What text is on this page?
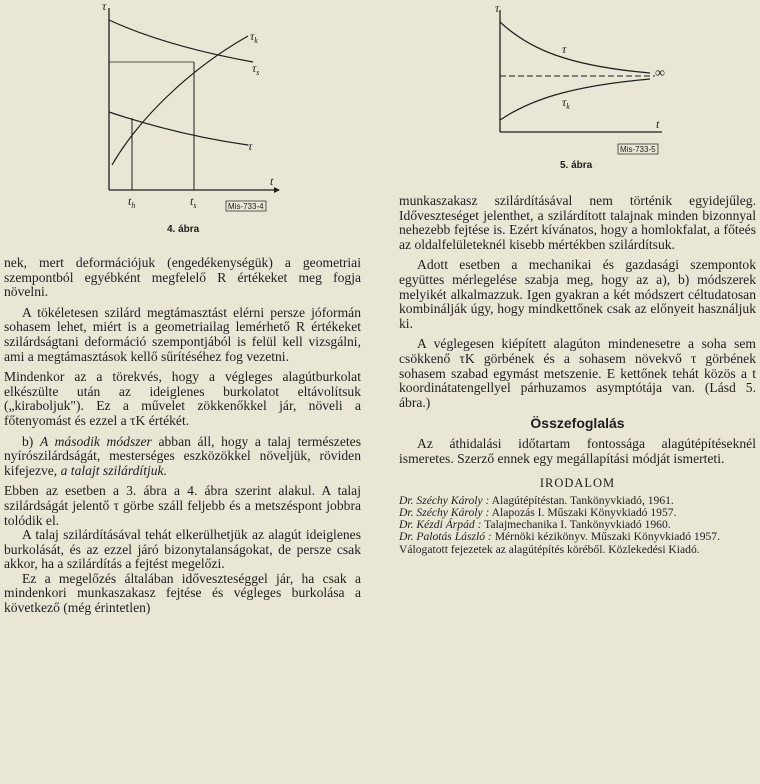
τ
t
$\tau_k$
$\tau_s$
τ
$t_h$	$t_s$	Mis-733-4
4. ábra
τ
t
τ
$\tau_k$
∞
Mis-733-5
5. ábra

nek, mert deformációjuk (engedékenységük) a geometriai szempontból egyébként megfelelő R értékeket meg fogja növelni.

A tökéletesen szilárd megtámasztást elérni persze jóformán sohasem lehet, miért is a geometriailag lemérhető R értékeket szilárdságtani deformáció szempontjából is felül kell vizsgálni, ami a megtámasztások kellő sűrítéséhez fog vezetni.

Mindenkor az a törekvés, hogy a végleges alagútburkolat elkészülte után az ideiglenes burkolatot eltávolítsuk („kiraboljuk"). Ez a művelet zökkenőkkel jár, növeli a főtenyomást és ezzel a τK értékét.

b) A második módszer abban áll, hogy a talaj természetes nyírószilárdságát, mesterséges eszközökkel növeljük, röviden kifejezve, a talajt szilárdítjuk.

Ebben az esetben a 3. ábra a 4. ábra szerint alakul. A talaj szilárdságát jelentő τ görbe száll feljebb és a metszéspont jobbra tolódik el.

A talaj szilárdításával tehát elkerülhetjük az alagút ideiglenes burkolását, és az ezzel járó bizonytalanságokat, de persze csak akkor, ha a szilárdítás a fejtést megelőzi.

Ez a megelőzés általában időveszteséggel jár, ha csak a mindenkori munkaszakasz fejtése és végleges burkolása a következő (még érintetlen)

munkaszakasz szilárdításával nem történik egyidejűleg. Időveszteséget jelenthet, a szilárdított talajnak minden bizonnyal nehezebb fejtése is. Ezért kívánatos, hogy a homlokfalat, a főteés az oldalfelületeknél kisebb mértékben szilárdítsuk.

Adott esetben a mechanikai és gazdasági szempontok együttes mérlegelése szabja meg, hogy az a), b) módszerek melyikét alkalmazzuk. Igen gyakran a két módszert céltudatosan kombinálják úgy, hogy mindkettőnek csak az előnyeit használjuk ki.

A véglegesen kiépített alagúton mindenesetre a soha sem csökkenő τK görbének és a sohasem növekvő τ görbének sohasem szabad egymást metszenie. E kettőnek tehát közös a t koordinátatengellyel párhuzamos asymptótája van. (Lásd 5. ábra.)

Összefoglalás

Az áthidalási időtartam fontossága alagútépítéseknél ismeretes. Szerző ennek egy megállapítási módját ismerteti.

IRODALOM

Dr. Széchy Károly : Alagútépítéstan. Tankönyvkiadó, 1961.

Dr. Széchy Károly : Alapozás I. Műszaki Könyvkiadó 1957.

Dr. Kézdi Árpád : Talajmechanika I. Tankönyvkiadó 1960.

Dr. Palotás László : Mérnöki kézikönyv. Műszaki Könyvkiadó 1957.

Válogatott fejezetek az alagútépítés köréből. Közlekedési Kiadó.
